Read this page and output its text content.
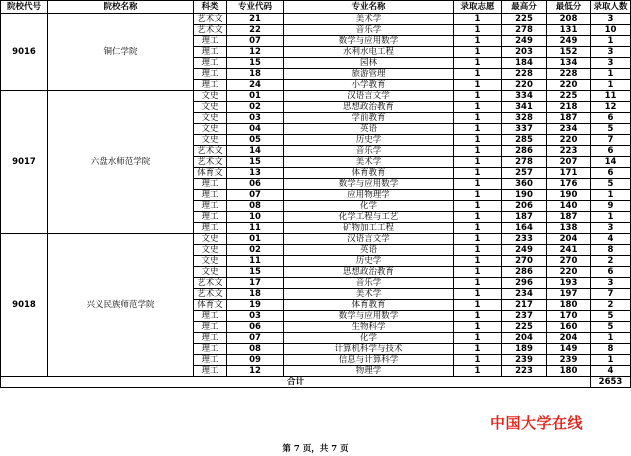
院校代号	院校名称	科类	专业代码	专业名称	录取志愿	最高分	最低分	录取人数
9016	铜仁学院	艺术文	21	美术学	1	225	208	3
		艺术文	22	音乐学	1	278	131	10
		理工	07	数学与应用数学	1	249	249	1
		理工	12	水利水电工程	1	203	152	3
		理工	15	园林	1	184	134	3
		理工	18	旅游管理	1	228	228	1
		理工	24	小学教育	1	220	220	1
9017	六盘水师范学院	文史	01	汉语言文学	1	334	225	11
		文史	02	思想政治教育	1	341	218	12
		文史	03	学前教育	1	328	187	6
		文史	04	英语	1	337	234	5
		文史	05	历史学	1	285	220	7
		艺术文	14	音乐学	1	286	223	6
		艺术文	15	美术学	1	278	207	14
		体育文	13	体育教育	1	257	171	6
		理工	06	数学与应用数学	1	360	176	5
		理工	07	应用物理学	1	190	190	1
		理工	08	化学	1	206	140	9
		理工	10	化学工程与工艺	1	187	187	1
		理工	11	矿物加工工程	1	164	138	3
9018	兴义民族师范学院	文史	01	汉语言文学	1	233	204	4
		文史	02	英语	1	249	241	8
		文史	11	历史学	1	270	270	2
		文史	15	思想政治教育	1	286	220	6
		艺术文	17	音乐学	1	296	193	3
		艺术文	18	美术学	1	234	197	7
		体育文	19	体育教育	1	217	180	2
		理工	03	数学与应用数学	1	237	170	5
		理工	06	生物科学	1	225	160	5
		理工	07	化学	1	204	204	1
		理工	08	计算机科学与技术	1	189	149	8
		理工	09	信息与计算科学	1	239	239	1
		理工	12	物理学	1	223	180	4
合计								2653
中国大学在线
第 7 页，共 7 页
